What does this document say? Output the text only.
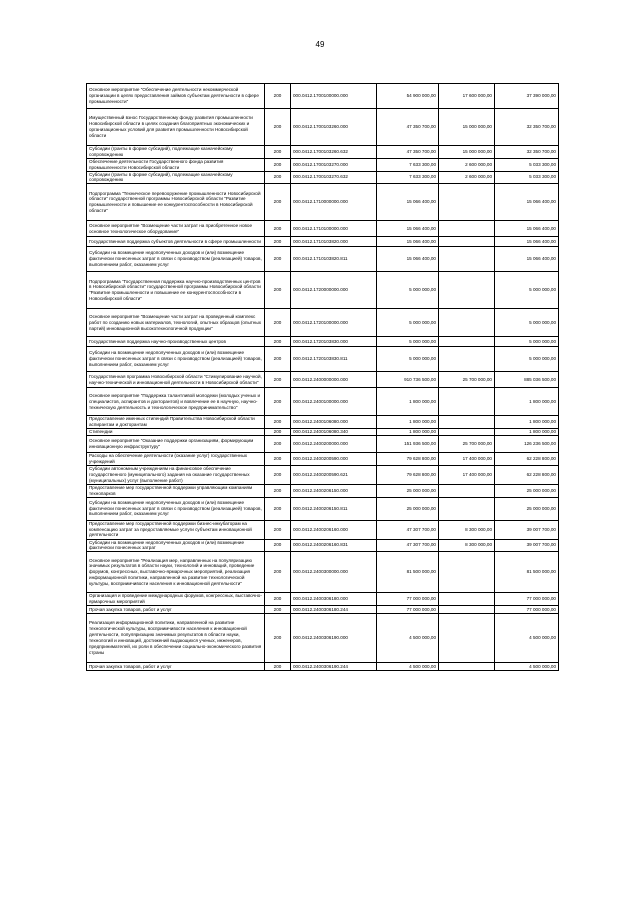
49
Основное мероприятие "Обеспечение деятельности некоммерческой организации в целях предоставления займов субъектам деятельности в сфере промышленности"	200	000.0412.1700100000.000	54 900 000,00	17 600 000,00	37 390 000,00
Имущественный взнос Государственному фонду развития промышленности Новосибирской области в целях создания благоприятных экономических и организационных условий для развития промышленности Новосибирской области	200	000.0412.1700103260.000	47 350 700,00	15 000 000,00	32 350 700,00
Субсидии (гранты в форме субсидий), подлежащие казначейскому сопровождению	200	000.0412.1700103260.632	47 350 700,00	15 000 000,00	32 350 700,00
Обеспечение деятельности Государственного фонда развития промышленности Новосибирской области	200	000.0412.1700103270.000	7 633 300,00	2 600 000,00	5 033 300,00
Субсидии (гранты в форме субсидий), подлежащие казначейскому сопровождению	200	000.0412.1700103270.632	7 633 300,00	2 600 000,00	5 033 300,00
Подпрограмма "Техническое перевооружение промышленности Новосибирской области" государственной программы Новосибирской области "Развитие промышленности и повышение ее конкурентоспособности в Новосибирской области"	200	000.0412.1710000000.000	15 066 400,00		15 066 400,00
Основное мероприятие "Возмещение части затрат на приобретенное новое основное технологическое оборудование"	200	000.0412.1710100000.000	15 066 400,00		15 066 400,00
Государственная поддержка субъектов деятельности в сфере промышленности	200	000.0412.1710103820.000	15 066 400,00		15 066 400,00
Субсидии на возмещение недополученных доходов и (или) возмещение фактически понесенных затрат в связи с производством (реализацией) товаров, выполнением работ, оказанием услуг	200	000.0412.1710103820.811	15 066 400,00		15 066 400,00
Подпрограмма "Государственная поддержка научно-производственных центров в Новосибирской области" государственной программы Новосибирской области "Развитие промышленности и повышение ее конкурентоспособности в Новосибирской области"	200	000.0412.1720000000.000	5 000 000,00		5 000 000,00
Основное мероприятие "Возмещение части затрат на проведенный комплекс работ по созданию новых материалов, технологий, опытных образцов (опытных партий) инновационной высокотехнологичной продукции"	200	000.0412.1720100000.000	5 000 000,00		5 000 000,00
Государственная поддержка научно-производственных центров	200	000.0412.1720103830.000	5 000 000,00		5 000 000,00
Субсидии на возмещение недополученных доходов и (или) возмещение фактически понесенных затрат в связи с производством (реализацией) товаров, выполнением работ, оказанием услуг	200	000.0412.1720103830.811	5 000 000,00		5 000 000,00
Государственная программа Новосибирской области "Стимулирование научной, научно-технической и инновационной деятельности в Новосибирской области"	200	000.0412.2400000000.000	910 736 500,00	25 700 000,00	885 036 500,00
Основное мероприятие "Поддержка талантливой молодежи (молодых ученых и специалистов, аспирантов и докторантов) и вовлечение ее в научную, научно-техническую деятельность и технологическое предпринимательство"	200	000.0412.2400100000.000	1 800 000,00		1 800 000,00
Предоставление именных стипендий Правительства Новосибирской области аспирантам и докторантам	200	000.0412.2400106080.000	1 800 000,00		1 800 000,00
Стипендии	200	000.0412.2400106080.340	1 800 000,00		1 800 000,00
Основное мероприятие "Оказание поддержки организациям, формирующим инновационную инфраструктуру"	200	000.0412.2400200000.000	151 936 500,00	25 700 000,00	126 236 500,00
Расходы на обеспечение деятельности (оказание услуг) государственных учреждений	200	000.0412.2400200590.000	79 628 800,00	17 400 000,00	62 228 800,00
Субсидии автономным учреждениям на финансовое обеспечение государственного (муниципального) задания на оказание государственных (муниципальных) услуг (выполнение работ)	200	000.0412.2400200590.621	79 628 800,00	17 400 000,00	62 228 800,00
Предоставление мер государственной поддержки управляющим компаниям технопарков	200	000.0412.2400206150.000	25 000 000,00		25 000 000,00
Субсидии на возмещение недополученных доходов и (или) возмещение фактически понесенных затрат в связи с производством (реализацией) товаров, выполнением работ, оказанием услуг	200	000.0412.2400206150.811	25 000 000,00		25 000 000,00
Предоставление мер государственной поддержки бизнес-инкубаторам на компенсацию затрат за предоставляемые услуги субъектам инновационной деятельности	200	000.0412.2400206160.000	47 307 700,00	8 300 000,00	39 007 700,00
Субсидии на возмещение недополученных доходов и (или) возмещение фактически понесенных затрат	200	000.0412.2400206160.831	47 307 700,00	8 300 000,00	39 007 700,00
Основное мероприятие "Реализация мер, направленных на популяризацию значимых результатов в области науки, технологий и инноваций, проведение форумов, конгрессных, выставочно-ярмарочных мероприятий, реализация информационной политики, направленной на развитие технологической культуры, восприимчивости населения к инновационной деятельности"	200	000.0412.2400300000.000	81 500 000,00		81 500 000,00
Организация и проведение международных форумов, конгрессных, выставочно-ярмарочных мероприятий	200	000.0412.2400306180.000	77 000 000,00		77 000 000,00
Прочая закупка товаров, работ и услуг	200	000.0412.2400306180.244	77 000 000,00		77 000 000,00
Реализация информационной политики, направленной на развитие технологической культуры, восприимчивости населения к инновационной деятельности, популяризацию значимых результатов в области науки, технологий и инноваций, достижений выдающихся ученых, инженеров, предпринимателей, их роли в обеспечении социально-экономического развития страны	200	000.0412.2400306190.000	4 500 000,00		4 500 000,00
Прочая закупка товаров, работ и услуг	200	000.0412.2400306190.244	4 500 000,00		4 500 000,00
